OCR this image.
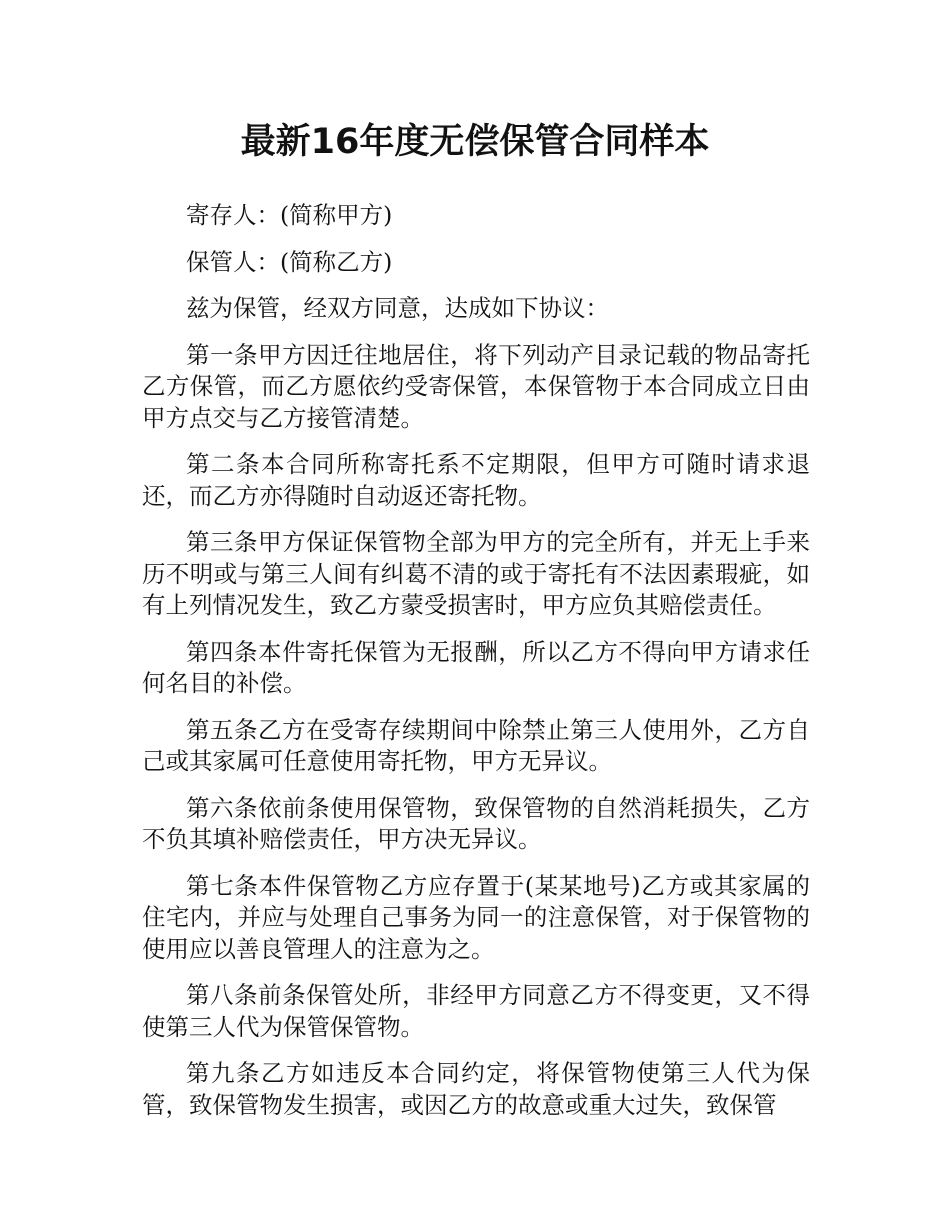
最新16年度无偿保管合同样本

寄存人：(简称甲方)

保管人：(简称乙方)

兹为保管，经双方同意，达成如下协议：

第一条甲方因迁往地居住，将下列动产目录记载的物品寄托乙方保管，而乙方愿依约受寄保管，本保管物于本合同成立日由甲方点交与乙方接管清楚。

第二条本合同所称寄托系不定期限，但甲方可随时请求退还，而乙方亦得随时自动返还寄托物。

第三条甲方保证保管物全部为甲方的完全所有，并无上手来历不明或与第三人间有纠葛不清的或于寄托有不法因素瑕疵，如有上列情况发生，致乙方蒙受损害时，甲方应负其赔偿责任。

第四条本件寄托保管为无报酬，所以乙方不得向甲方请求任何名目的补偿。

第五条乙方在受寄存续期间中除禁止第三人使用外，乙方自己或其家属可任意使用寄托物，甲方无异议。

第六条依前条使用保管物，致保管物的自然消耗损失，乙方不负其填补赔偿责任，甲方决无异议。

第七条本件保管物乙方应存置于(某某地号)乙方或其家属的住宅内，并应与处理自己事务为同一的注意保管，对于保管物的使用应以善良管理人的注意为之。

第八条前条保管处所，非经甲方同意乙方不得变更，又不得使第三人代为保管保管物。

第九条乙方如违反本合同约定，将保管物使第三人代为保管，致保管物发生损害，或因乙方的故意或重大过失，致保管
